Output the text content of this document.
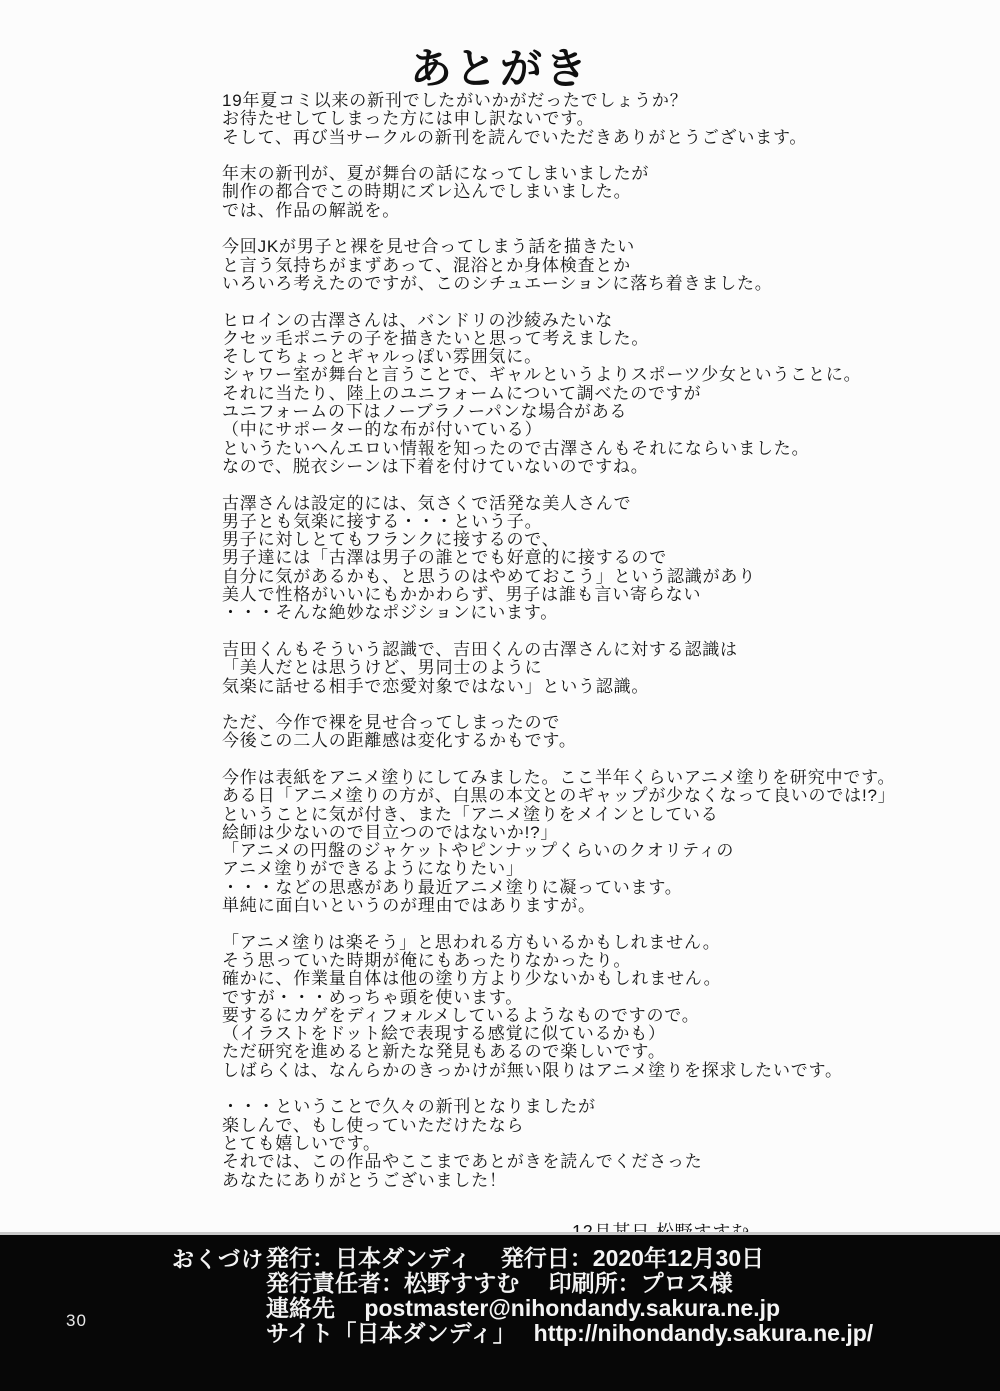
あとがき
19年夏コミ以来の新刊でしたがいかがだったでしょうか？
お待たせしてしまった方には申し訳ないです。
そして、再び当サークルの新刊を読んでいただきありがとうございます。
年末の新刊が、夏が舞台の話になってしまいましたが
制作の都合でこの時期にズレ込んでしまいました。
では、作品の解説を。
今回JKが男子と裸を見せ合ってしまう話を描きたい
と言う気持ちがまずあって、混浴とか身体検査とか
いろいろ考えたのですが、このシチュエーションに落ち着きました。
ヒロインの古澤さんは、バンドリの沙綾みたいな
クセッ毛ポニテの子を描きたいと思って考えました。
そしてちょっとギャルっぽい雰囲気に。
シャワー室が舞台と言うことで、ギャルというよりスポーツ少女ということに。
それに当たり、陸上のユニフォームについて調べたのですが
ユニフォームの下はノーブラノーパンな場合がある
（中にサポーター的な布が付いている）
というたいへんエロい情報を知ったので古澤さんもそれにならいました。
なので、脱衣シーンは下着を付けていないのですね。
古澤さんは設定的には、気さくで活発な美人さんで
男子とも気楽に接する・・・という子。
男子に対しとてもフランクに接するので、
男子達には「古澤は男子の誰とでも好意的に接するので
自分に気があるかも、と思うのはやめておこう」という認識があり
美人で性格がいいにもかかわらず、男子は誰も言い寄らない
・・・そんな絶妙なポジションにいます。
吉田くんもそういう認識で、吉田くんの古澤さんに対する認識は
「美人だとは思うけど、男同士のように
気楽に話せる相手で恋愛対象ではない」という認識。
ただ、今作で裸を見せ合ってしまったので
今後この二人の距離感は変化するかもです。
今作は表紙をアニメ塗りにしてみました。ここ半年くらいアニメ塗りを研究中です。
ある日「アニメ塗りの方が、白黒の本文とのギャップが少なくなって良いのでは!?」
ということに気が付き、また「アニメ塗りをメインとしている
絵師は少ないので目立つのではないか!?」
「アニメの円盤のジャケットやピンナップくらいのクオリティの
アニメ塗りができるようになりたい」
・・・などの思惑があり最近アニメ塗りに凝っています。
単純に面白いというのが理由ではありますが。
「アニメ塗りは楽そう」と思われる方もいるかもしれません。
そう思っていた時期が俺にもあったりなかったり。
確かに、作業量自体は他の塗り方より少ないかもしれません。
ですが・・・めっちゃ頭を使います。
要するにカゲをディフォルメしているようなものですので。
（イラストをドット絵で表現する感覚に似ているかも）
ただ研究を進めると新たな発見もあるので楽しいです。
しばらくは、なんらかのきっかけが無い限りはアニメ塗りを探求したいです。
・・・ということで久々の新刊となりましたが
楽しんで、もし使っていただけたなら
とても嬉しいです。
それでは、この作品やここまであとがきを読んでくださった
あなたにありがとうございました！
おくづけ 発行：日本ダンディ　 発行日：2020年12月30日
発行責任者：松野すすむ　 印刷所：プロス様
連絡先　 postmaster@nihondandy.sakura.ne.jp
サイト「日本ダンディ」　 http://nihondandy.sakura.ne.jp/
30
